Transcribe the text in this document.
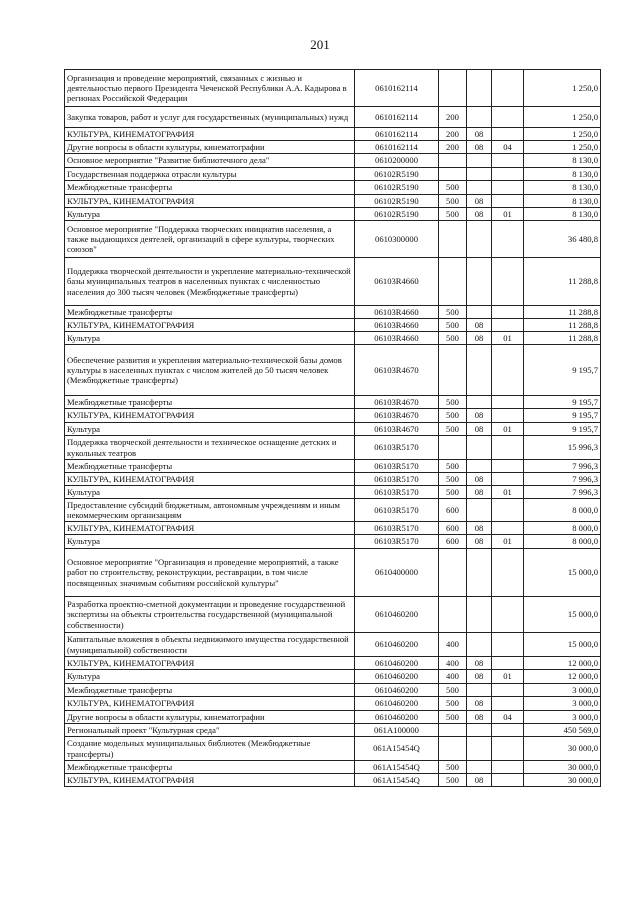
201
Организация и проведение мероприятий, связанных с жизнью и деятельностью первого Президента Чеченской Республики А.А. Кадырова в регионах Российской Федерации	0610162114				1 250,0
Закупка товаров, работ и услуг для государственных (муниципальных) нужд	0610162114	200			1 250,0
КУЛЬТУРА, КИНЕМАТОГРАФИЯ	0610162114	200	08		1 250,0
Другие вопросы в области культуры, кинематографии	0610162114	200	08	04	1 250,0
Основное мероприятие "Развитие библиотечного дела"	0610200000				8 130,0
Государственная поддержка отрасли культуры	06102R5190				8 130,0
Межбюджетные трансферты	06102R5190	500			8 130,0
КУЛЬТУРА, КИНЕМАТОГРАФИЯ	06102R5190	500	08		8 130,0
Культура	06102R5190	500	08	01	8 130,0
Основное мероприятие "Поддержка творческих инициатив населения, а также выдающихся деятелей, организаций в сфере культуры, творческих союзов"	0610300000				36 480,8
Поддержка творческой деятельности и укрепление материально-технической базы муниципальных театров в населенных пунктах с численностью населения до 300 тысяч человек (Межбюджетные трансферты)	06103R4660				11 288,8
Межбюджетные трансферты	06103R4660	500			11 288,8
КУЛЬТУРА, КИНЕМАТОГРАФИЯ	06103R4660	500	08		11 288,8
Культура	06103R4660	500	08	01	11 288,8
Обеспечение развития и укрепления материально-технической базы домов культуры в населенных пунктах с числом жителей до 50 тысяч человек (Межбюджетные трансферты)	06103R4670				9 195,7
Межбюджетные трансферты	06103R4670	500			9 195,7
КУЛЬТУРА, КИНЕМАТОГРАФИЯ	06103R4670	500	08		9 195,7
Культура	06103R4670	500	08	01	9 195,7
Поддержка творческой деятельности и техническое оснащение детских и кукольных театров	06103R5170				15 996,3
Межбюджетные трансферты	06103R5170	500			7 996,3
КУЛЬТУРА, КИНЕМАТОГРАФИЯ	06103R5170	500	08		7 996,3
Культура	06103R5170	500	08	01	7 996,3
Предоставление субсидий бюджетным, автономным учреждениям и иным некоммерческим организациям	06103R5170	600			8 000,0
КУЛЬТУРА, КИНЕМАТОГРАФИЯ	06103R5170	600	08		8 000,0
Культура	06103R5170	600	08	01	8 000,0
Основное мероприятие "Организация и проведение мероприятий, а также работ по строительству, реконструкции, реставрации, в том числе посвященных значимым событиям российской культуры"	0610400000				15 000,0
Разработка проектно-сметной документации и проведение государственной экспертизы на объекты строительства государственной (муниципальной собственности)	0610460200				15 000,0
Капитальные вложения в объекты недвижимого имущества государственной (муниципальной) собственности	0610460200	400			15 000,0
КУЛЬТУРА, КИНЕМАТОГРАФИЯ	0610460200	400	08		12 000,0
Культура	0610460200	400	08	01	12 000,0
Межбюджетные трансферты	0610460200	500			3 000,0
КУЛЬТУРА, КИНЕМАТОГРАФИЯ	0610460200	500	08		3 000,0
Другие вопросы в области культуры, кинематографии	0610460200	500	08	04	3 000,0
Региональный проект "Культурная среда"	061A100000				450 569,0
Создание модельных муниципальных библиотек (Межбюджетные трансферты)	061A15454Q				30 000,0
Межбюджетные трансферты	061A15454Q	500			30 000,0
КУЛЬТУРА, КИНЕМАТОГРАФИЯ	061A15454Q	500	08		30 000,0
